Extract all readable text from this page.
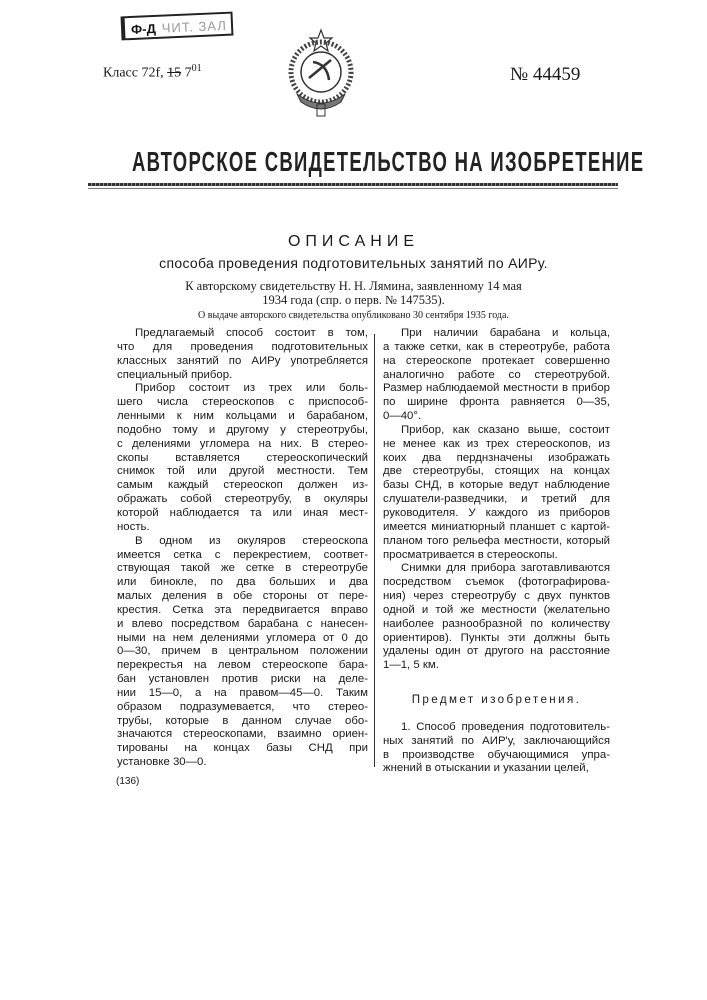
Ф-Д ЧИТ. ЗАЛ
Класс 72f, 15 701	№ 44459
АВТОРСКОЕ СВИДЕТЕЛЬСТВО НА ИЗОБРЕТЕНИЕ
ОПИСАНИЕ
способа проведения подготовительных занятий по АИРу.
К авторскому свидетельству Н. Н. Лямина, заявленному 14 мая
1934 года (спр. о перв. № 147535).
О выдаче авторского свидетельства опубликовано 30 сентября 1935 года.
Предлагаемый способ состоит в том,
что для проведения подготовительных
классных занятий по АИРу употребляется
специальный прибор.
Прибор состоит из трех или боль-
шего числа стереоскопов с приспособ-
ленными к ним кольцами и барабаном,
подобно тому и другому у стереотрубы,
с делениями угломера на них. В стерео-
скопы вставляется стереоскопический
снимок той или другой местности. Тем
самым каждый стереоскоп должен из-
ображать собой стереотрубу, в окуляры
которой наблюдается та или иная мест-
ность.
В одном из окуляров стереоскопа
имеется сетка с перекрестием, соответ-
ствующая такой же сетке в стереотрубе
или бинокле, по два больших и два
малых деления в обе стороны от пере-
крестия. Сетка эта передвигается вправо
и влево посредством барабана с нанесен-
ными на нем делениями угломера от 0 до
0—30, причем в центральном положении
перекрестья на левом стереоскопе бара-
бан установлен против риски на деле-
нии 15—0, а на правом—45—0. Таким
образом подразумевается, что стерео-
трубы, которые в данном случае обо-
значаются стереоскопами, взаимно ориен-
тированы на концах базы СНД при
установке 30—0.
При наличии барабана и кольца,
а также сетки, как в стереотрубе, работа
на стереоскопе протекает совершенно
аналогично работе со стереотрубой.
Размер наблюдаемой местности в прибор
по ширине фронта равняется 0—35,
0—40°.
Прибор, как сказано выше, состоит
не менее как из трех стереоскопов, из
коих два перднзначены изображать
две стереотрубы, стоящих на концах
базы СНД, в которые ведут наблюдение
слушатели-разведчики, и третий для
руководителя. У каждого из приборов
имеется миниатюрный планшет с картой-
планом того рельефа местности, который
просматривается в стереоскопы.
Снимки для прибора заготавливаются
посредством съемок (фотографирова-
ния) через стереотрубу с двух пунктов
одной и той же местности (желательно
наиболее разнообразной по количеству
ориентиров). Пункты эти должны быть
удалены один от другого на расстояние
1—1, 5 км.
Предмет изобретения.
1. Способ проведения подготовитель-
ных занятий по АИР'у, заключающийся
в производстве обучающимися упра-
жнений в отыскании и указании целей,
(136)
